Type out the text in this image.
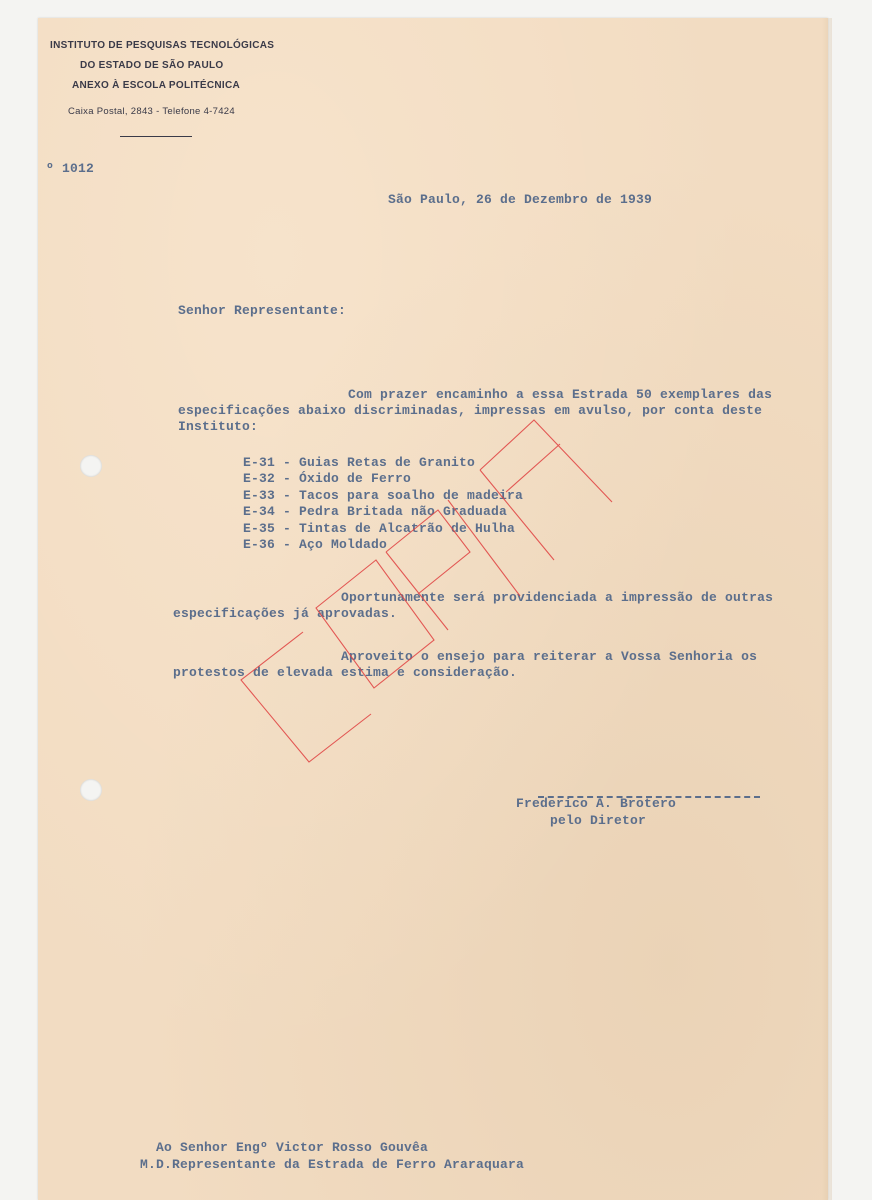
INSTITUTO DE PESQUISAS TECNOLÓGICAS
DO ESTADO DE SÃO PAULO
ANEXO À ESCOLA POLITÉCNICA
Caixa Postal, 2843 - Telefone 4-7424
º 1012
São Paulo, 26 de Dezembro de 1939
Senhor Representante:
Com prazer encaminho a essa Estrada 50 exemplares das
especificações abaixo discriminadas, impressas em avulso, por conta deste
Instituto:
E-31 - Guias Retas de Granito
E-32 - Óxido de Ferro
E-33 - Tacos para soalho de madeira
E-34 - Pedra Britada não Graduada
E-35 - Tintas de Alcatrão de Hulha
E-36 - Aço Moldado
Oportunamente será providenciada a impressão de outras
especificações já aprovadas.
Aproveito o ensejo para reiterar a Vossa Senhoria os
protestos de elevada estima e consideração.
Frederico A. Brotero
pelo Diretor
Ao Senhor Engº Victor Rosso Gouvêa
M.D.Representante da Estrada de Ferro Araraquara
